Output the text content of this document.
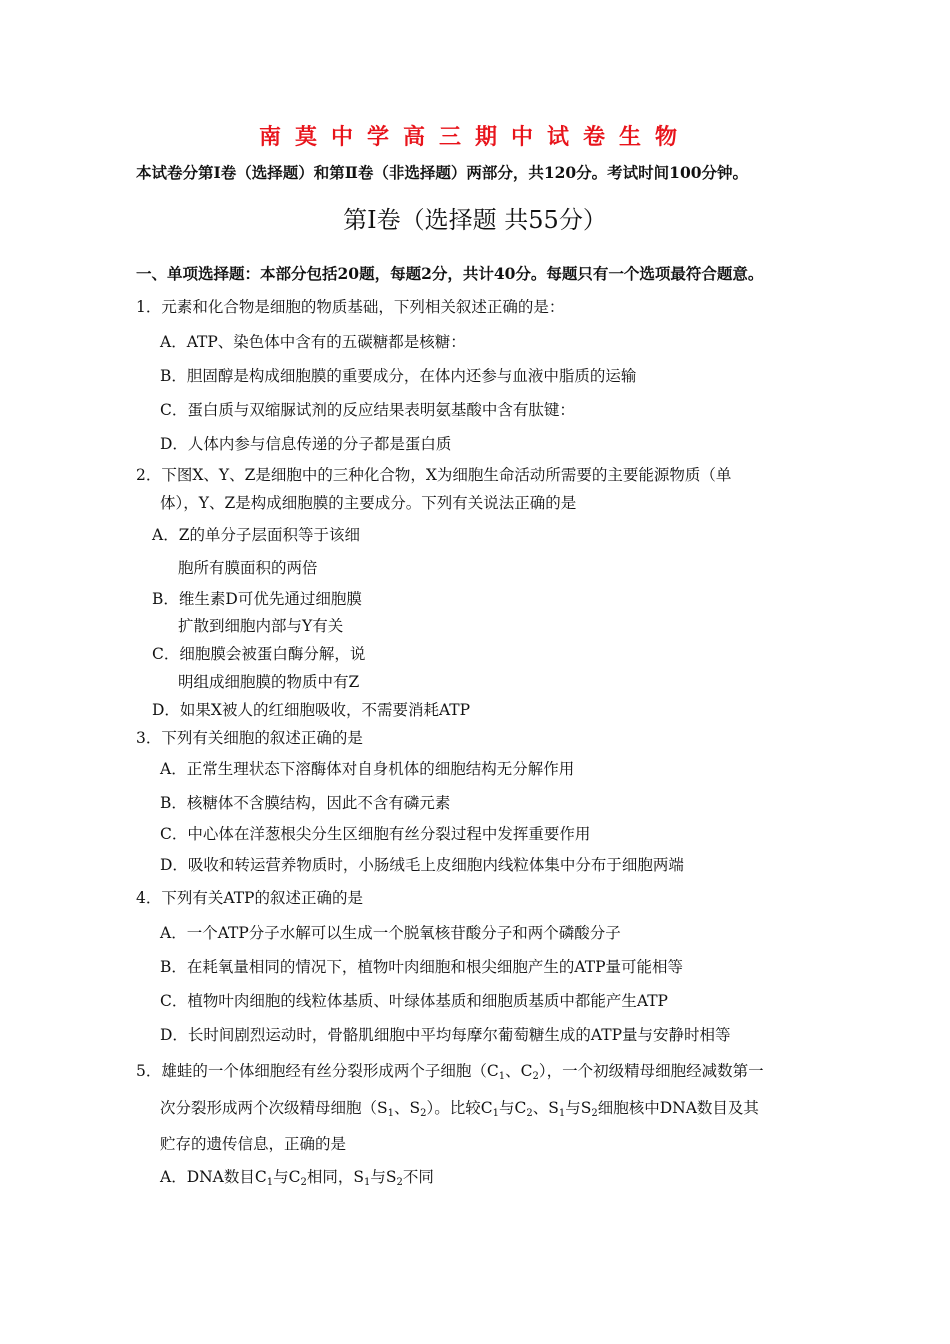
南莫中学高三期中试卷生物
本试卷分第Ⅰ卷（选择题）和第Ⅱ卷（非选择题）两部分，共120分。考试时间100分钟。
第Ⅰ卷（选择题 共55分）
一、单项选择题：本部分包括20题，每题2分，共计40分。每题只有一个选项最符合题意。
1．元素和化合物是细胞的物质基础，下列相关叙述正确的是：
A．ATP、染色体中含有的五碳糖都是核糖：
B．胆固醇是构成细胞膜的重要成分，在体内还参与血液中脂质的运输
C．蛋白质与双缩脲试剂的反应结果表明氨基酸中含有肽键：
D．人体内参与信息传递的分子都是蛋白质
2．下图X、Y、Z是细胞中的三种化合物，X为细胞生命活动所需要的主要能源物质（单
体），Y、Z是构成细胞膜的主要成分。下列有关说法正确的是
A．Z的单分子层面积等于该细
胞所有膜面积的两倍
B．维生素D可优先通过细胞膜
扩散到细胞内部与Y有关
C．细胞膜会被蛋白酶分解，说
明组成细胞膜的物质中有Z
D．如果X被人的红细胞吸收，不需要消耗ATP
3．下列有关细胞的叙述正确的是
A．正常生理状态下溶酶体对自身机体的细胞结构无分解作用
B．核糖体不含膜结构，因此不含有磷元素
C．中心体在洋葱根尖分生区细胞有丝分裂过程中发挥重要作用
D．吸收和转运营养物质时，小肠绒毛上皮细胞内线粒体集中分布于细胞两端
4．下列有关ATP的叙述正确的是
A．一个ATP分子水解可以生成一个脱氧核苷酸分子和两个磷酸分子
B．在耗氧量相同的情况下，植物叶肉细胞和根尖细胞产生的ATP量可能相等
C．植物叶肉细胞的线粒体基质、叶绿体基质和细胞质基质中都能产生ATP
D．长时间剧烈运动时，骨骼肌细胞中平均每摩尔葡萄糖生成的ATP量与安静时相等
5．雄蛙的一个体细胞经有丝分裂形成两个子细胞（C1、C2），一个初级精母细胞经减数第一
次分裂形成两个次级精母细胞（S1、S2）。比较C1与C2、S1与S2细胞核中DNA数目及其
贮存的遗传信息，正确的是
A．DNA数目C1与C2相同，S1与S2不同
